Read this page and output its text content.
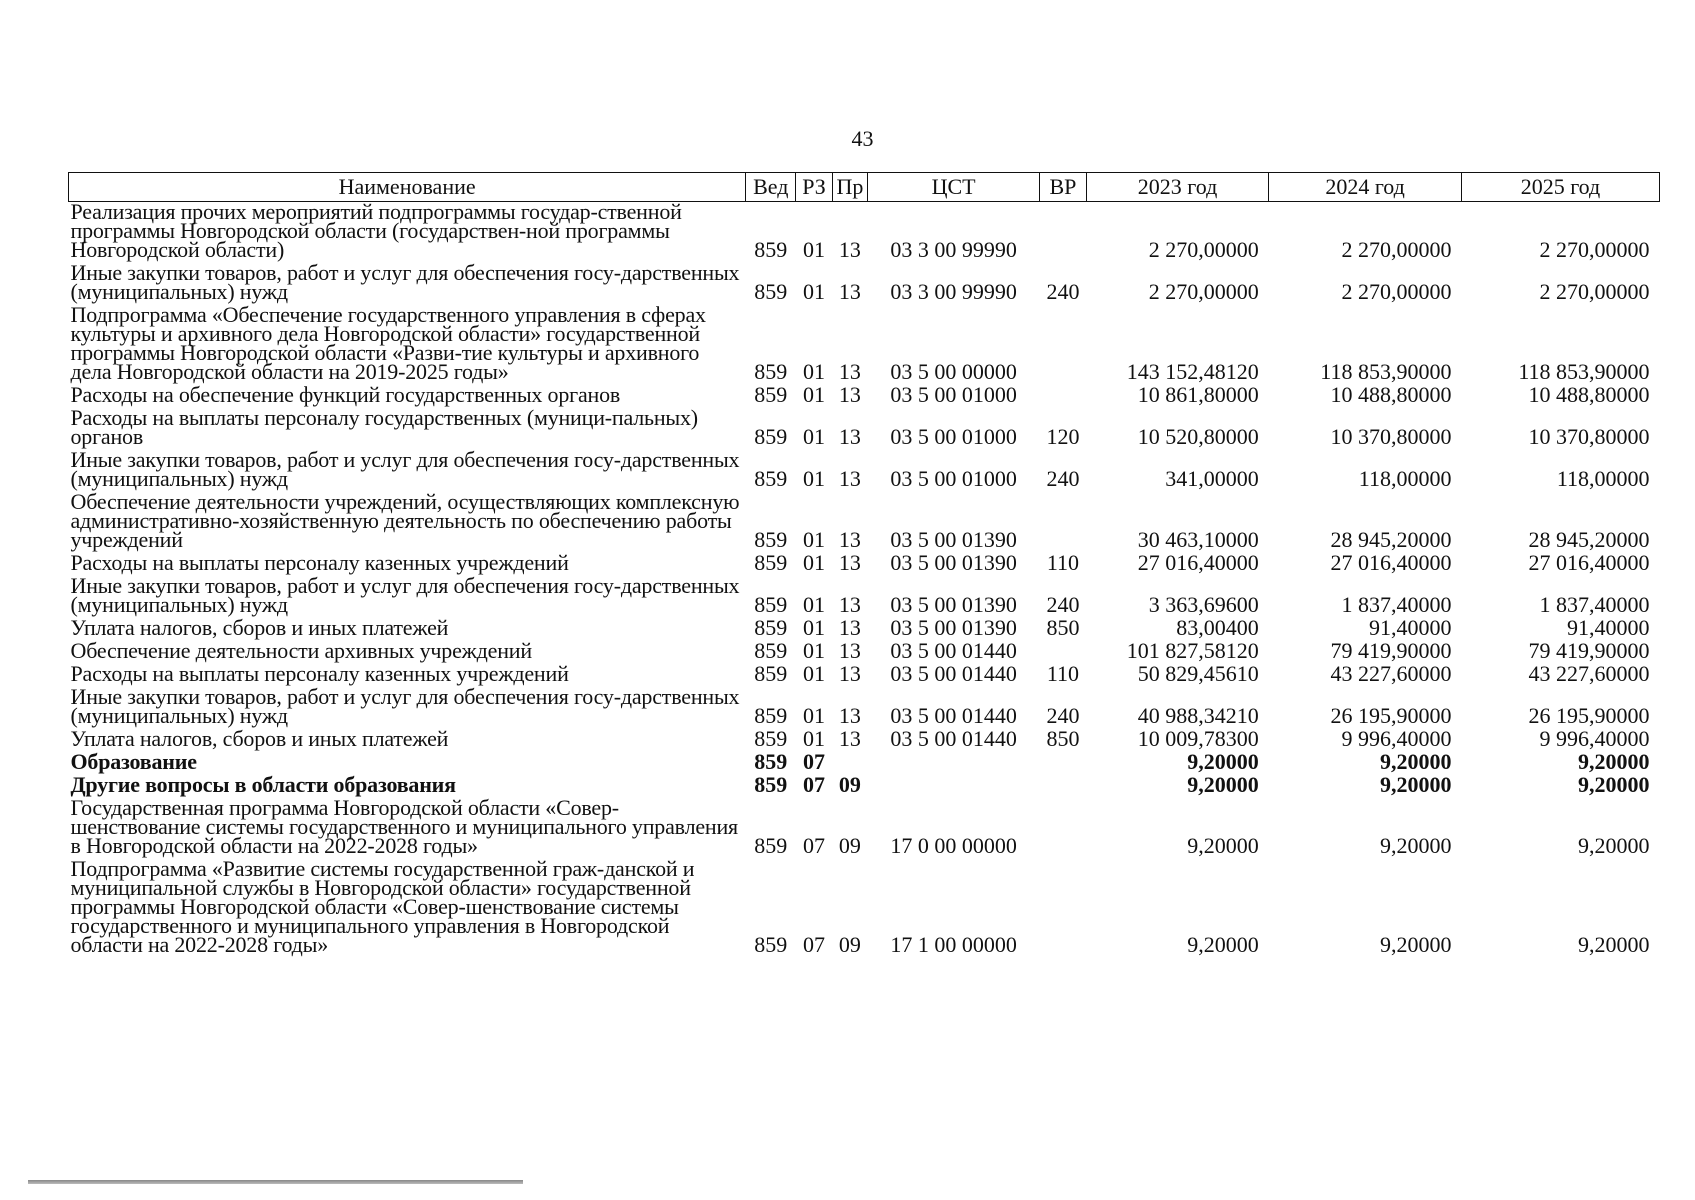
43
Наименование	Вед	РЗ	Пр	ЦСТ	ВР	2023 год	2024 год	2025 год
Реализация прочих мероприятий подпрограммы государ-ственной программы Новгородской области (государствен-ной программы Новгородской области)	859	01	13	03 3 00 99990		2 270,00000	2 270,00000	2 270,00000
Иные закупки товаров, работ и услуг для обеспечения госу-дарственных (муниципальных) нужд	859	01	13	03 3 00 99990	240	2 270,00000	2 270,00000	2 270,00000
Подпрограмма «Обеспечение государственного управления в сферах культуры и архивного дела Новгородской области» государственной программы Новгородской области «Разви-тие культуры и архивного дела Новгородской области на 2019-2025 годы»	859	01	13	03 5 00 00000		143 152,48120	118 853,90000	118 853,90000
Расходы на обеспечение функций государственных органов	859	01	13	03 5 00 01000		10 861,80000	10 488,80000	10 488,80000
Расходы на выплаты персоналу государственных (муници-пальных) органов	859	01	13	03 5 00 01000	120	10 520,80000	10 370,80000	10 370,80000
Иные закупки товаров, работ и услуг для обеспечения госу-дарственных (муниципальных) нужд	859	01	13	03 5 00 01000	240	341,00000	118,00000	118,00000
Обеспечение деятельности учреждений, осуществляющих комплексную административно-хозяйственную деятельность по обеспечению работы учреждений	859	01	13	03 5 00 01390		30 463,10000	28 945,20000	28 945,20000
Расходы на выплаты персоналу казенных учреждений	859	01	13	03 5 00 01390	110	27 016,40000	27 016,40000	27 016,40000
Иные закупки товаров, работ и услуг для обеспечения госу-дарственных (муниципальных) нужд	859	01	13	03 5 00 01390	240	3 363,69600	1 837,40000	1 837,40000
Уплата налогов, сборов и иных платежей	859	01	13	03 5 00 01390	850	83,00400	91,40000	91,40000
Обеспечение деятельности архивных учреждений	859	01	13	03 5 00 01440		101 827,58120	79 419,90000	79 419,90000
Расходы на выплаты персоналу казенных учреждений	859	01	13	03 5 00 01440	110	50 829,45610	43 227,60000	43 227,60000
Иные закупки товаров, работ и услуг для обеспечения госу-дарственных (муниципальных) нужд	859	01	13	03 5 00 01440	240	40 988,34210	26 195,90000	26 195,90000
Уплата налогов, сборов и иных платежей	859	01	13	03 5 00 01440	850	10 009,78300	9 996,40000	9 996,40000
Образование	859	07				9,20000	9,20000	9,20000
Другие вопросы в области образования	859	07	09			9,20000	9,20000	9,20000
Государственная программа Новгородской области «Совер-шенствование системы государственного и муниципального управления в Новгородской области на 2022-2028 годы»	859	07	09	17 0 00 00000		9,20000	9,20000	9,20000
Подпрограмма «Развитие системы государственной граж-данской и муниципальной службы в Новгородской области» государственной программы Новгородской области «Совер-шенствование системы государственного и муниципального управления в Новгородской области на 2022-2028 годы»	859	07	09	17 1 00 00000		9,20000	9,20000	9,20000
